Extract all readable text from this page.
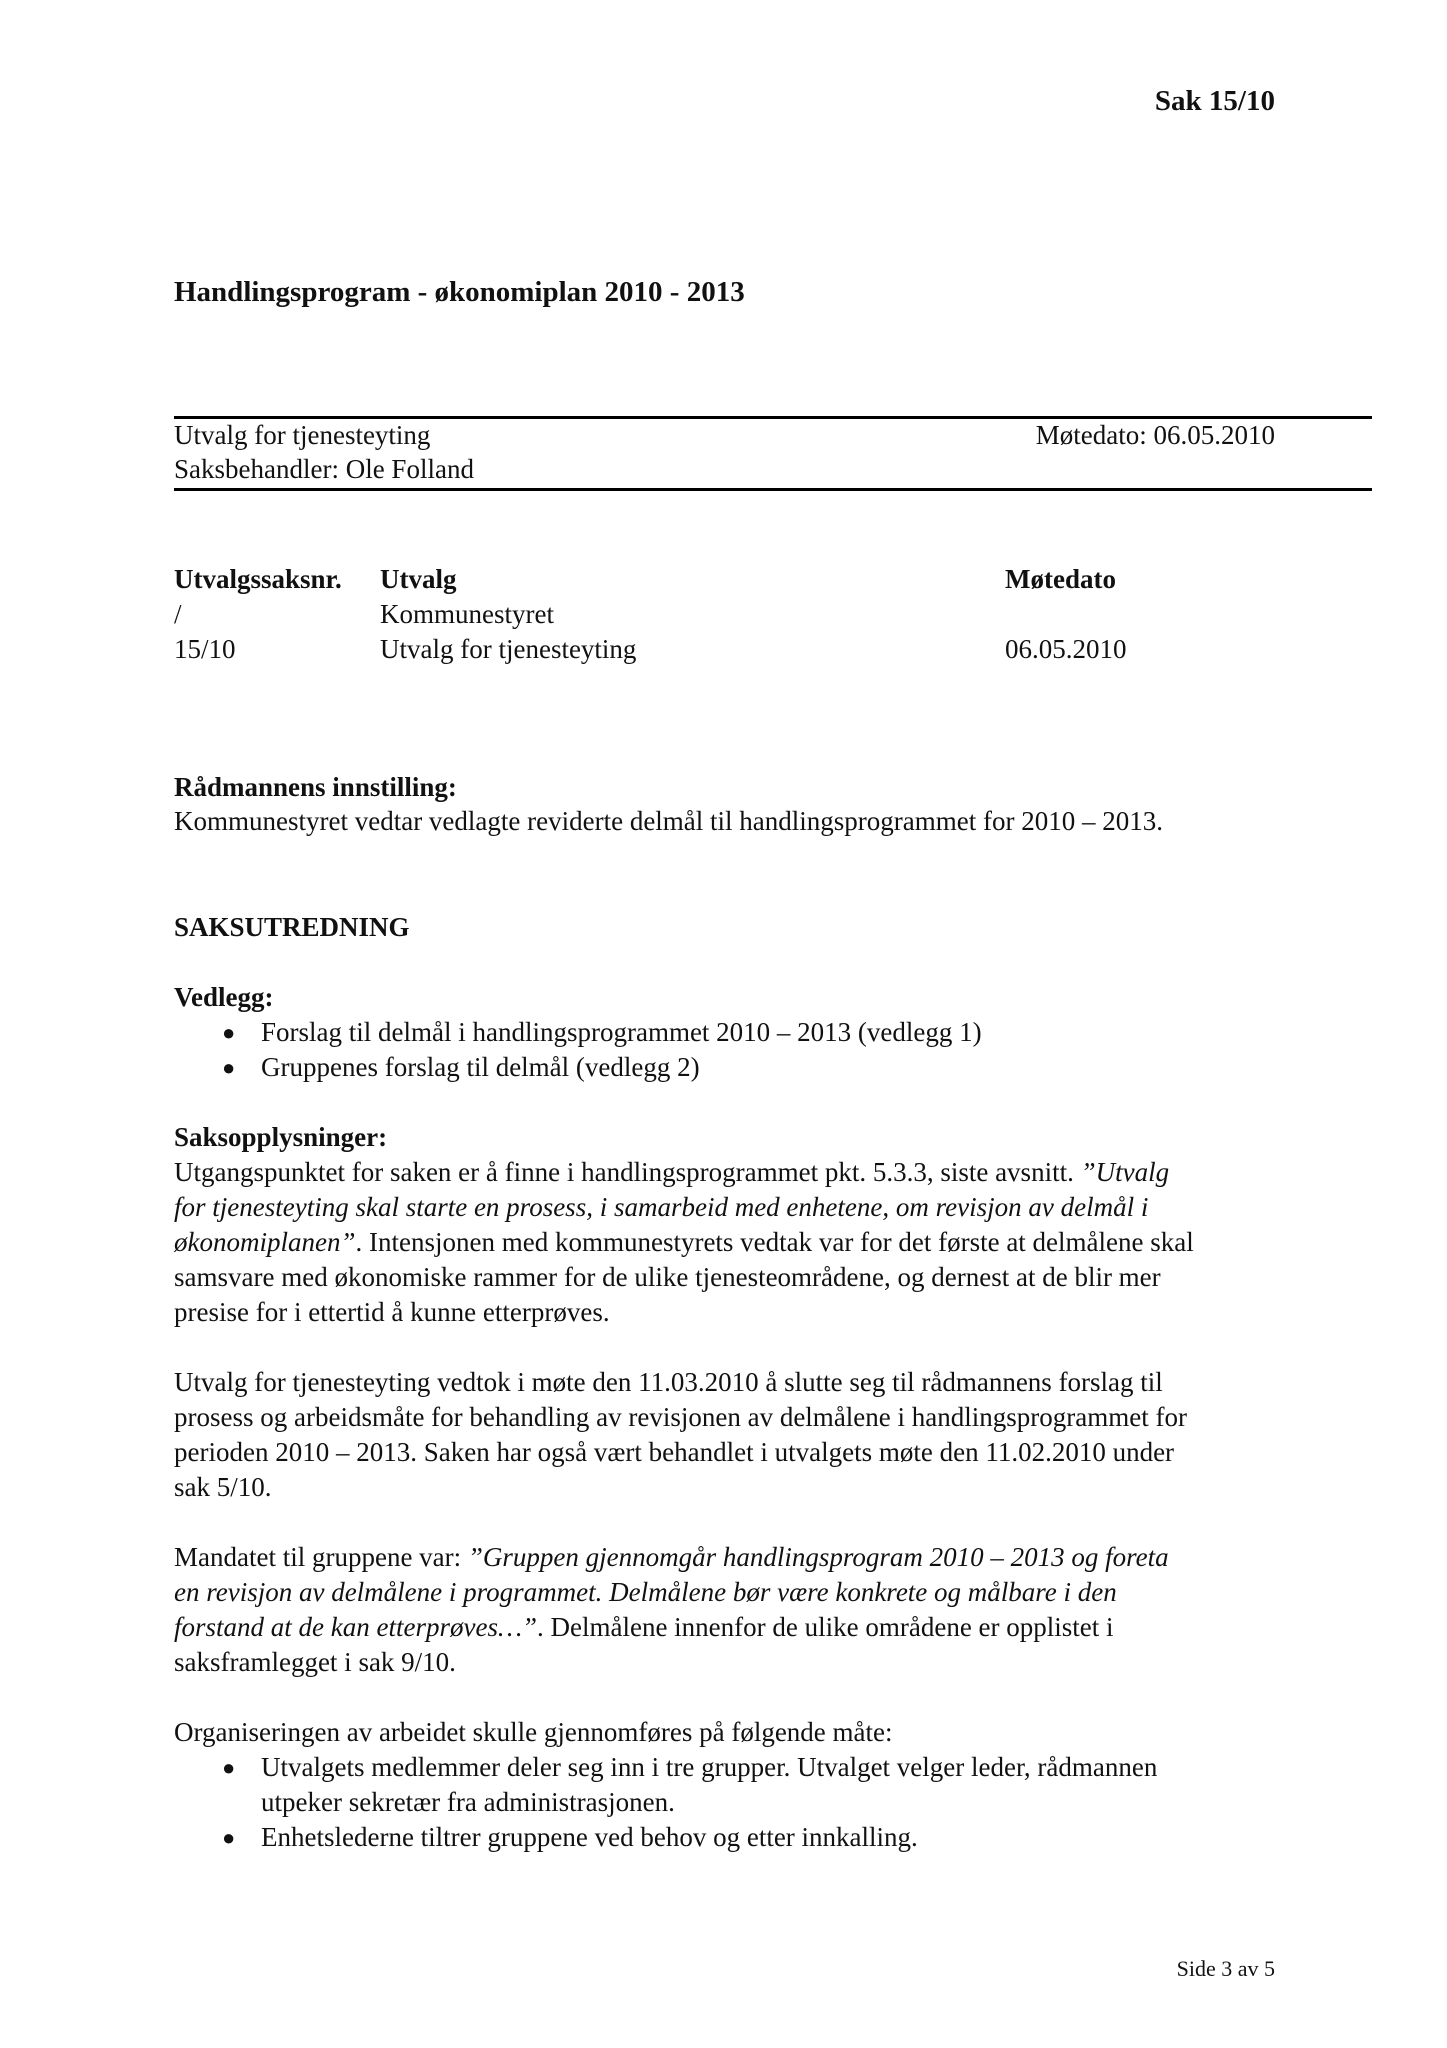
Sak 15/10
Handlingsprogram - økonomiplan 2010 - 2013
Utvalg for tjenesteyting	Møtedato: 06.05.2010
Saksbehandler: Ole Folland
Utvalgssaksnr. Utvalg	Møtedato
/	Kommunestyret
15/10	Utvalg for tjenesteyting	06.05.2010
Rådmannens innstilling:
Kommunestyret vedtar vedlagte reviderte delmål til handlingsprogrammet for 2010 – 2013.
SAKSUTREDNING
Vedlegg:
● Forslag til delmål i handlingsprogrammet 2010 – 2013 (vedlegg 1)
● Gruppenes forslag til delmål (vedlegg 2)
Saksopplysninger:
Utgangspunktet for saken er å finne i handlingsprogrammet pkt. 5.3.3, siste avsnitt. ”Utvalg
for tjenesteyting skal starte en prosess, i samarbeid med enhetene, om revisjon av delmål i
økonomiplanen”. Intensjonen med kommunestyrets vedtak var for det første at delmålene skal
samsvare med økonomiske rammer for de ulike tjenesteområdene, og dernest at de blir mer
presise for i ettertid å kunne etterprøves.
Utvalg for tjenesteyting vedtok i møte den 11.03.2010 å slutte seg til rådmannens forslag til
prosess og arbeidsmåte for behandling av revisjonen av delmålene i handlingsprogrammet for
perioden 2010 – 2013. Saken har også vært behandlet i utvalgets møte den 11.02.2010 under
sak 5/10.
Mandatet til gruppene var: ”Gruppen gjennomgår handlingsprogram 2010 – 2013 og foreta
en revisjon av delmålene i programmet. Delmålene bør være konkrete og målbare i den
forstand at de kan etterprøves…”. Delmålene innenfor de ulike områdene er opplistet i
saksframlegget i sak 9/10.
Organiseringen av arbeidet skulle gjennomføres på følgende måte:
● Utvalgets medlemmer deler seg inn i tre grupper. Utvalget velger leder, rådmannen
utpeker sekretær fra administrasjonen.
● Enhetslederne tiltrer gruppene ved behov og etter innkalling.
Side 3 av 5
